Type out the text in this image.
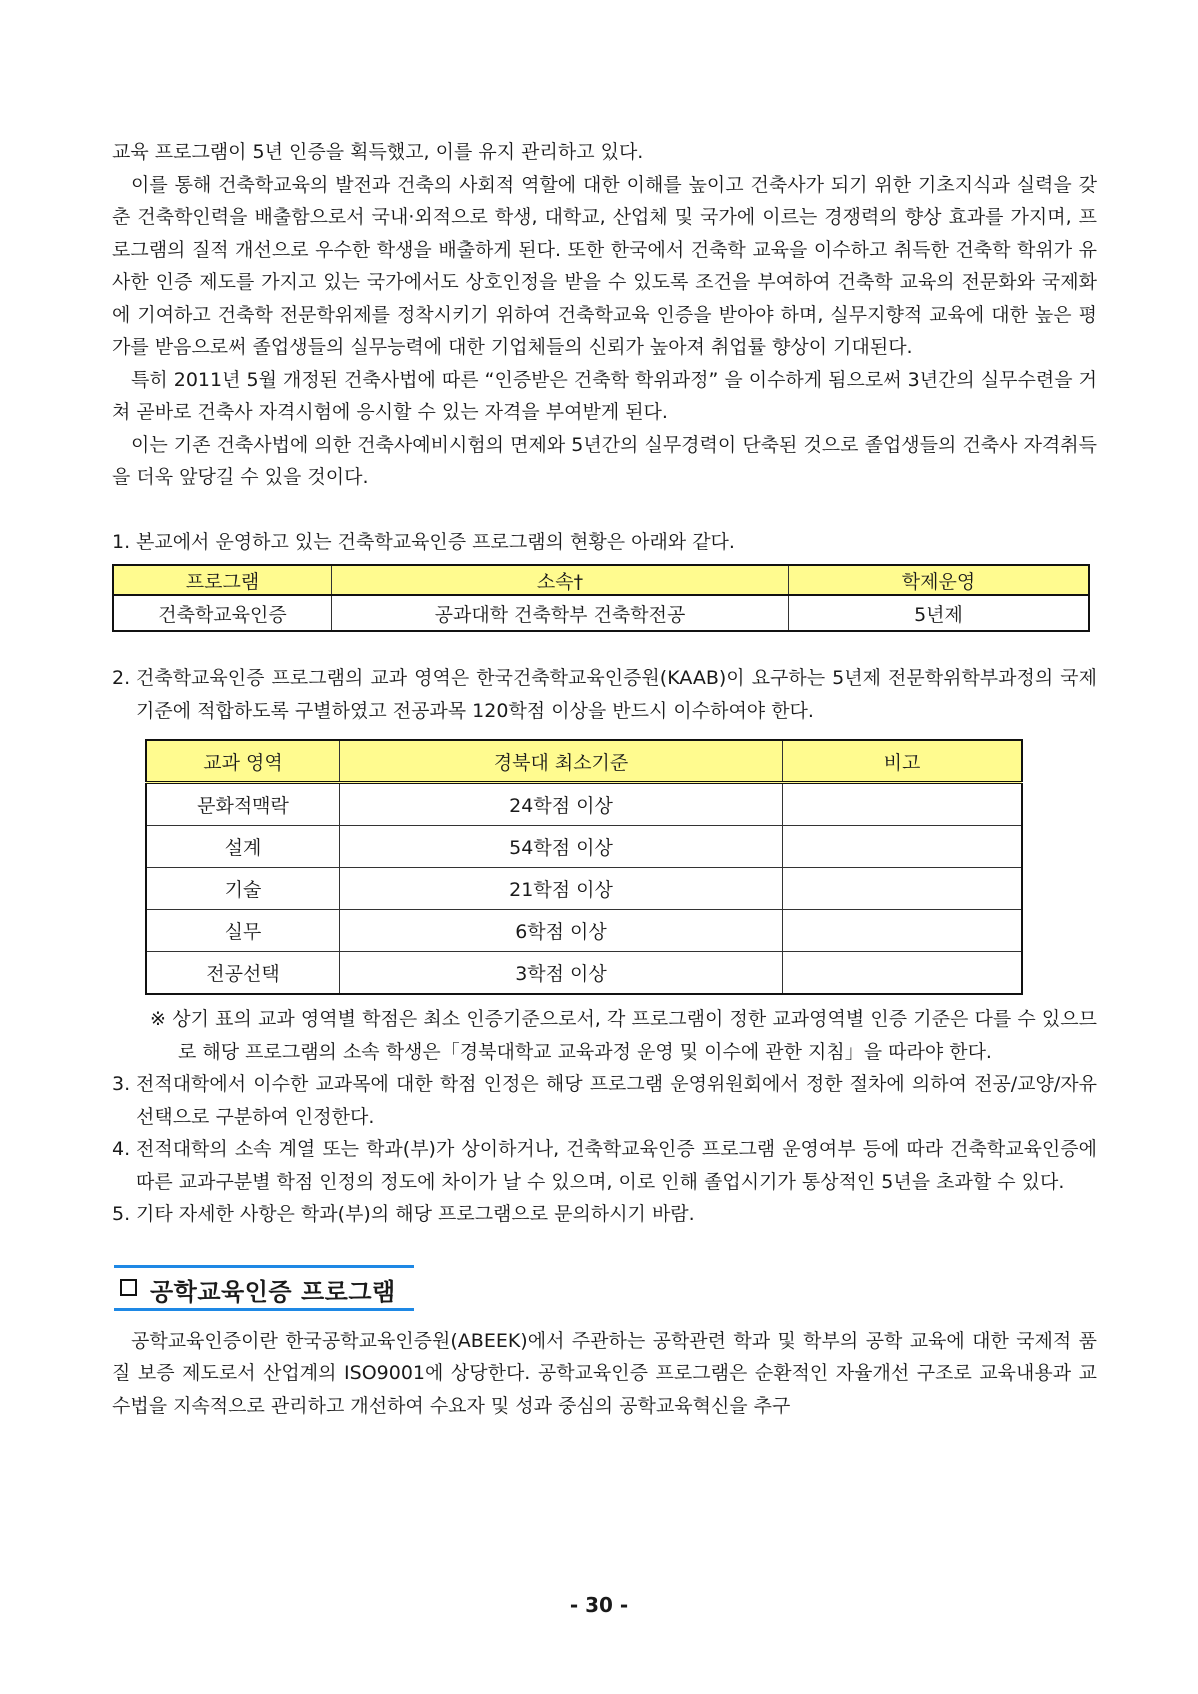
교육 프로그램이 5년 인증을 획득했고, 이를 유지 관리하고 있다.

이를 통해 건축학교육의 발전과 건축의 사회적 역할에 대한 이해를 높이고 건축사가 되기 위한 기초지식과 실력을 갖춘 건축학인력을 배출함으로서 국내·외적으로 학생, 대학교, 산업체 및 국가에 이르는 경쟁력의 향상 효과를 가지며, 프로그램의 질적 개선으로 우수한 학생을 배출하게 된다. 또한 한국에서 건축학 교육을 이수하고 취득한 건축학 학위가 유사한 인증 제도를 가지고 있는 국가에서도 상호인정을 받을 수 있도록 조건을 부여하여 건축학 교육의 전문화와 국제화에 기여하고 건축학 전문학위제를 정착시키기 위하여 건축학교육 인증을 받아야 하며, 실무지향적 교육에 대한 높은 평가를 받음으로써 졸업생들의 실무능력에 대한 기업체들의 신뢰가 높아져 취업률 향상이 기대된다.

특히 2011년 5월 개정된 건축사법에 따른 “인증받은 건축학 학위과정” 을 이수하게 됨으로써 3년간의 실무수련을 거쳐 곧바로 건축사 자격시험에 응시할 수 있는 자격을 부여받게 된다.

이는 기존 건축사법에 의한 건축사예비시험의 면제와 5년간의 실무경력이 단축된 것으로 졸업생들의 건축사 자격취득을 더욱 앞당길 수 있을 것이다.

1. 본교에서 운영하고 있는 건축학교육인증 프로그램의 현황은 아래와 같다.
프로그램	소속†	학제운영
건축학교육인증	공과대학 건축학부 건축학전공	5년제
2. 건축학교육인증 프로그램의 교과 영역은 한국건축학교육인증원(KAAB)이 요구하는 5년제 전문학위학부과정의 국제기준에 적합하도록 구별하였고 전공과목 120학점 이상을 반드시 이수하여야 한다.
교과 영역	경북대 최소기준	비고
문화적맥락	24학점 이상	
설계	54학점 이상	
기술	21학점 이상	
실무	6학점 이상	
전공선택	3학점 이상	

※ 상기 표의 교과 영역별 학점은 최소 인증기준으로서, 각 프로그램이 정한 교과영역별 인증 기준은 다를 수 있으므로 해당 프로그램의 소속 학생은「경북대학교 교육과정 운영 및 이수에 관한 지침」을 따라야 한다.

3. 전적대학에서 이수한 교과목에 대한 학점 인정은 해당 프로그램 운영위원회에서 정한 절차에 의하여 전공/교양/자유선택으로 구분하여 인정한다.
4. 전적대학의 소속 계열 또는 학과(부)가 상이하거나, 건축학교육인증 프로그램 운영여부 등에 따라 건축학교육인증에 따른 교과구분별 학점 인정의 정도에 차이가 날 수 있으며, 이로 인해 졸업시기가 통상적인 5년을 초과할 수 있다.
5. 기타 자세한 사항은 학과(부)의 해당 프로그램으로 문의하시기 바람.
공학교육인증 프로그램

공학교육인증이란 한국공학교육인증원(ABEEK)에서 주관하는 공학관련 학과 및 학부의 공학 교육에 대한 국제적 품질 보증 제도로서 산업계의 ISO9001에 상당한다. 공학교육인증 프로그램은 순환적인 자율개선 구조로 교육내용과 교수법을 지속적으로 관리하고 개선하여 수요자 및 성과 중심의 공학교육혁신을 추구

- 30 -
